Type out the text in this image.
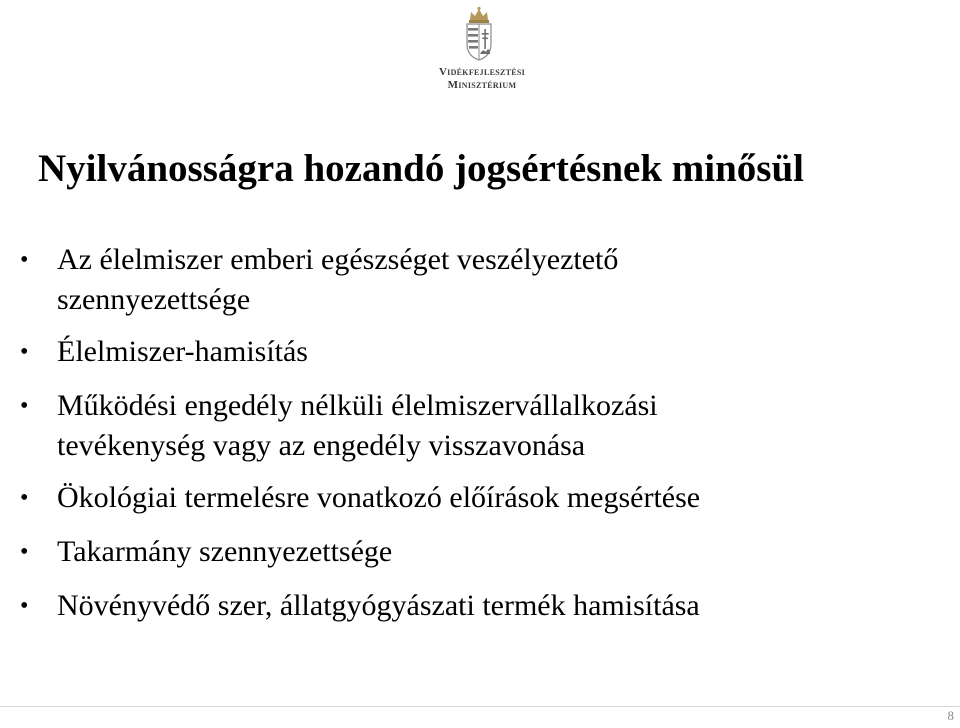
Vidékfejlesztési
Minisztérium
Nyilvánosságra hozandó jogsértésnek minősül
• Az élelmiszer emberi egészséget veszélyeztető
szennyezettsége
• Élelmiszer-hamisítás
• Működési engedély nélküli élelmiszervállalkozási
tevékenység vagy az engedély visszavonása
• Ökológiai termelésre vonatkozó előírások megsértése
• Takarmány szennyezettsége
• Növényvédő szer, állatgyógyászati termék hamisítása
8
